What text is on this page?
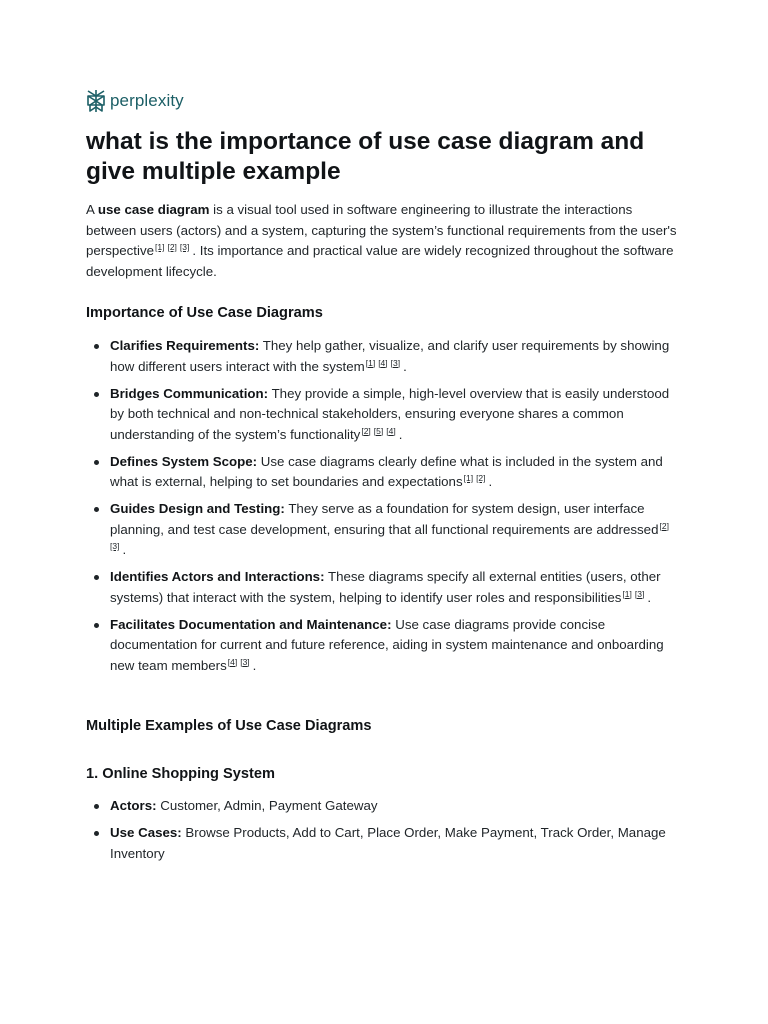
perplexity
what is the importance of use case diagram and give multiple example

A use case diagram is a visual tool used in software engineering to illustrate the interactions between users (actors) and a system, capturing the system’s functional requirements from the user's perspective[1] [2] [3] . Its importance and practical value are widely recognized throughout the software development lifecycle.

Importance of Use Case Diagrams
Clarifies Requirements: They help gather, visualize, and clarify user requirements by showing how different users interact with the system[1] [4] [3] .
Bridges Communication: They provide a simple, high-level overview that is easily understood by both technical and non-technical stakeholders, ensuring everyone shares a common understanding of the system’s functionality[2] [5] [4] .
Defines System Scope: Use case diagrams clearly define what is included in the system and what is external, helping to set boundaries and expectations[1] [2] .
Guides Design and Testing: They serve as a foundation for system design, user interface planning, and test case development, ensuring that all functional requirements are addressed[2][3] .
Identifies Actors and Interactions: These diagrams specify all external entities (users, other systems) that interact with the system, helping to identify user roles and responsibilities[1] [3] .
Facilitates Documentation and Maintenance: Use case diagrams provide concise documentation for current and future reference, aiding in system maintenance and onboarding new team members[4] [3] .
Multiple Examples of Use Case Diagrams
1. Online Shopping System
Actors: Customer, Admin, Payment Gateway
Use Cases: Browse Products, Add to Cart, Place Order, Make Payment, Track Order, Manage Inventory
